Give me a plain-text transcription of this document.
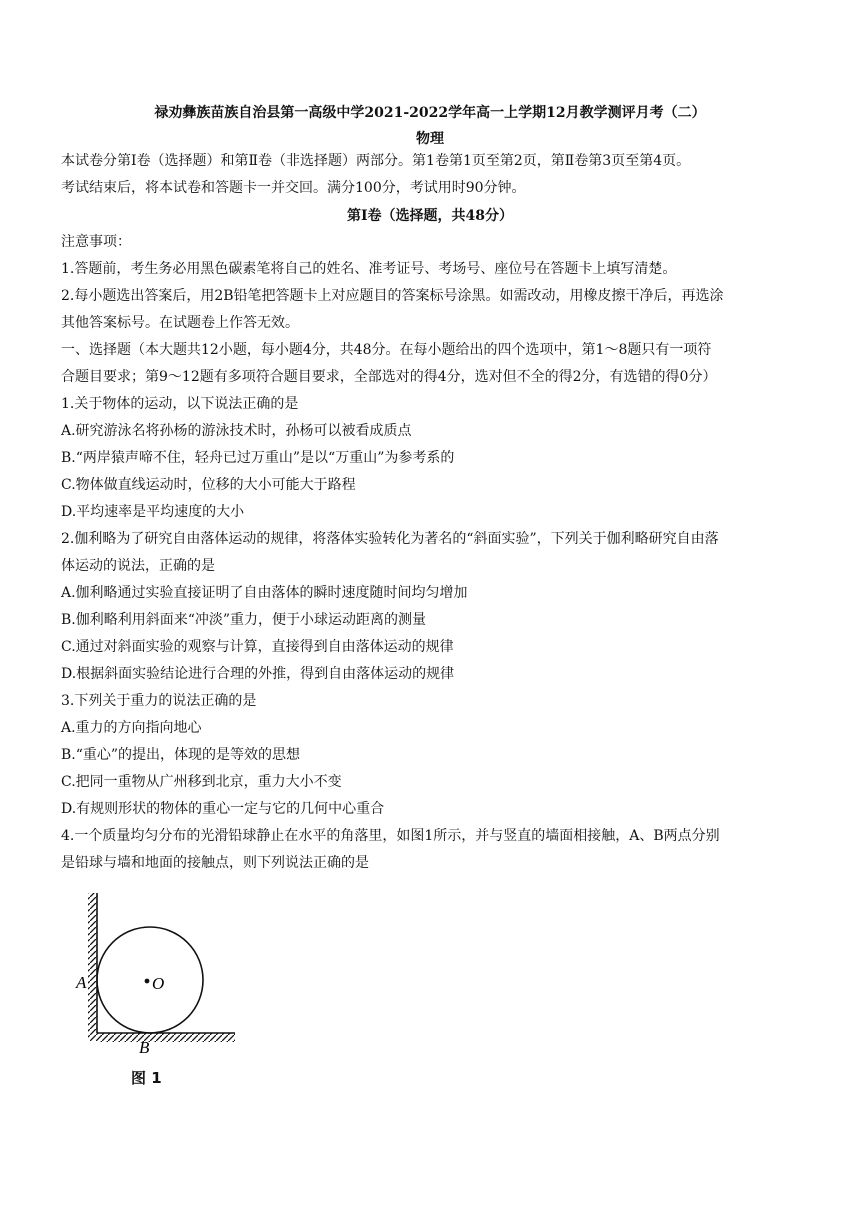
禄劝彝族苗族自治县第一高级中学2021-2022学年高一上学期12月教学测评月考（二）
物理
本试卷分第Ⅰ卷（选择题）和第Ⅱ卷（非选择题）两部分。第1卷第1页至第2页，第Ⅱ卷第3页至第4页。
考试结束后，将本试卷和答题卡一并交回。满分100分，考试用时90分钟。
第Ⅰ卷（选择题，共48分）
注意事项：
1.答题前，考生务必用黑色碳素笔将自己的姓名、准考证号、考场号、座位号在答题卡上填写清楚。
2.每小题选出答案后，用2B铅笔把答题卡上对应题目的答案标号涂黑。如需改动，用橡皮擦干净后，再选涂
其他答案标号。在试题卷上作答无效。
一、选择题（本大题共12小题，每小题4分，共48分。在每小题给出的四个选项中，第1～8题只有一项符
合题目要求；第9～12题有多项符合题目要求，全部选对的得4分，选对但不全的得2分，有选错的得0分）
1.关于物体的运动，以下说法正确的是
A.研究游泳名将孙杨的游泳技术时，孙杨可以被看成质点
B.“两岸猿声啼不住，轻舟已过万重山”是以“万重山”为参考系的
C.物体做直线运动时，位移的大小可能大于路程
D.平均速率是平均速度的大小
2.伽利略为了研究自由落体运动的规律，将落体实验转化为著名的“斜面实验”，下列关于伽利略研究自由落
体运动的说法，正确的是
A.伽利略通过实验直接证明了自由落体的瞬时速度随时间均匀增加
B.伽利略利用斜面来“冲淡”重力，便于小球运动距离的测量
C.通过对斜面实验的观察与计算，直接得到自由落体运动的规律
D.根据斜面实验结论进行合理的外推，得到自由落体运动的规律
3.下列关于重力的说法正确的是
A.重力的方向指向地心
B.“重心”的提出，体现的是等效的思想
C.把同一重物从广州移到北京，重力大小不变
D.有规则形状的物体的重心一定与它的几何中心重合
4.一个质量均匀分布的光滑铅球静止在水平的角落里，如图1所示，并与竖直的墙面相接触，A、B两点分别
是铅球与墙和地面的接触点，则下列说法正确的是
O
A
B
图 1
